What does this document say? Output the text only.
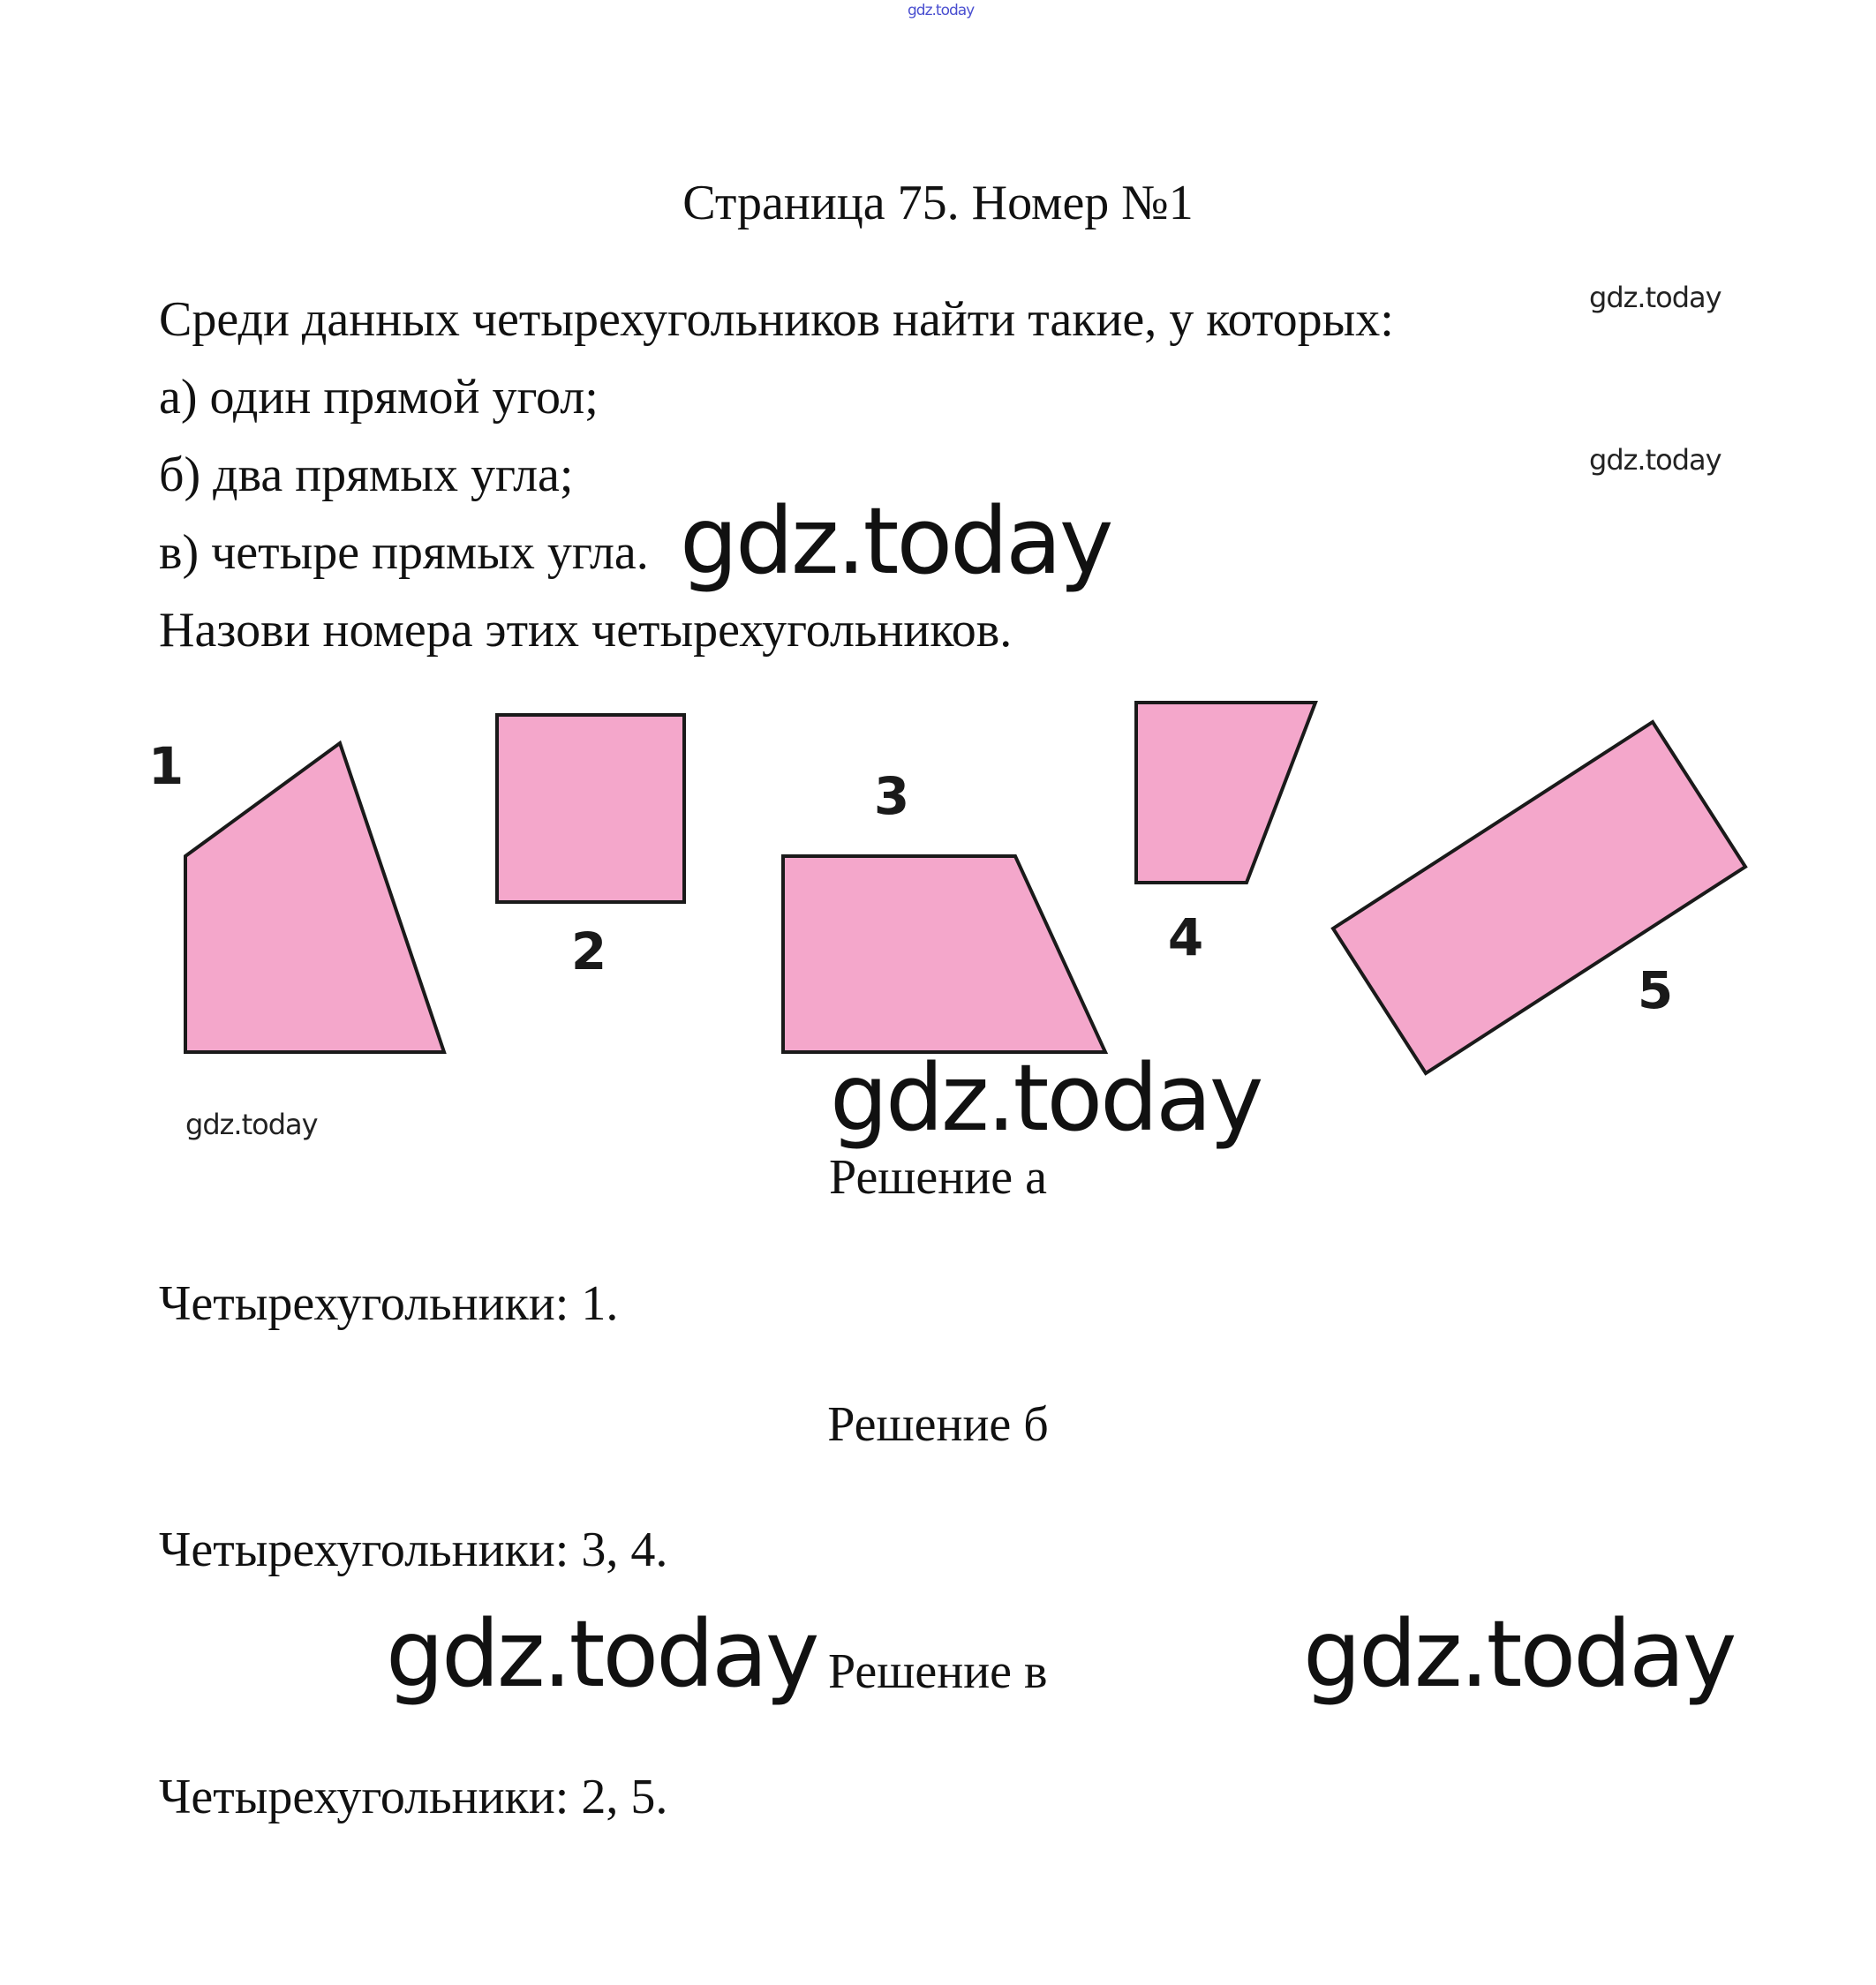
gdz.today
gdz.today
gdz.today
gdz.today
Страница 75. Номер №1
Среди данных четырехугольников найти такие, у которых:
а) один прямой угол;
б) два прямых угла;
в) четыре прямых угла. gdz.today
Назови номера этих четырехугольников.
1
2
3
4
5
gdz.today
Решение а
Четырехугольники: 1.
Решение б
Четырехугольники: 3, 4.
gdz.today	gdz.today
Решение в
Четырехугольники: 2, 5.
